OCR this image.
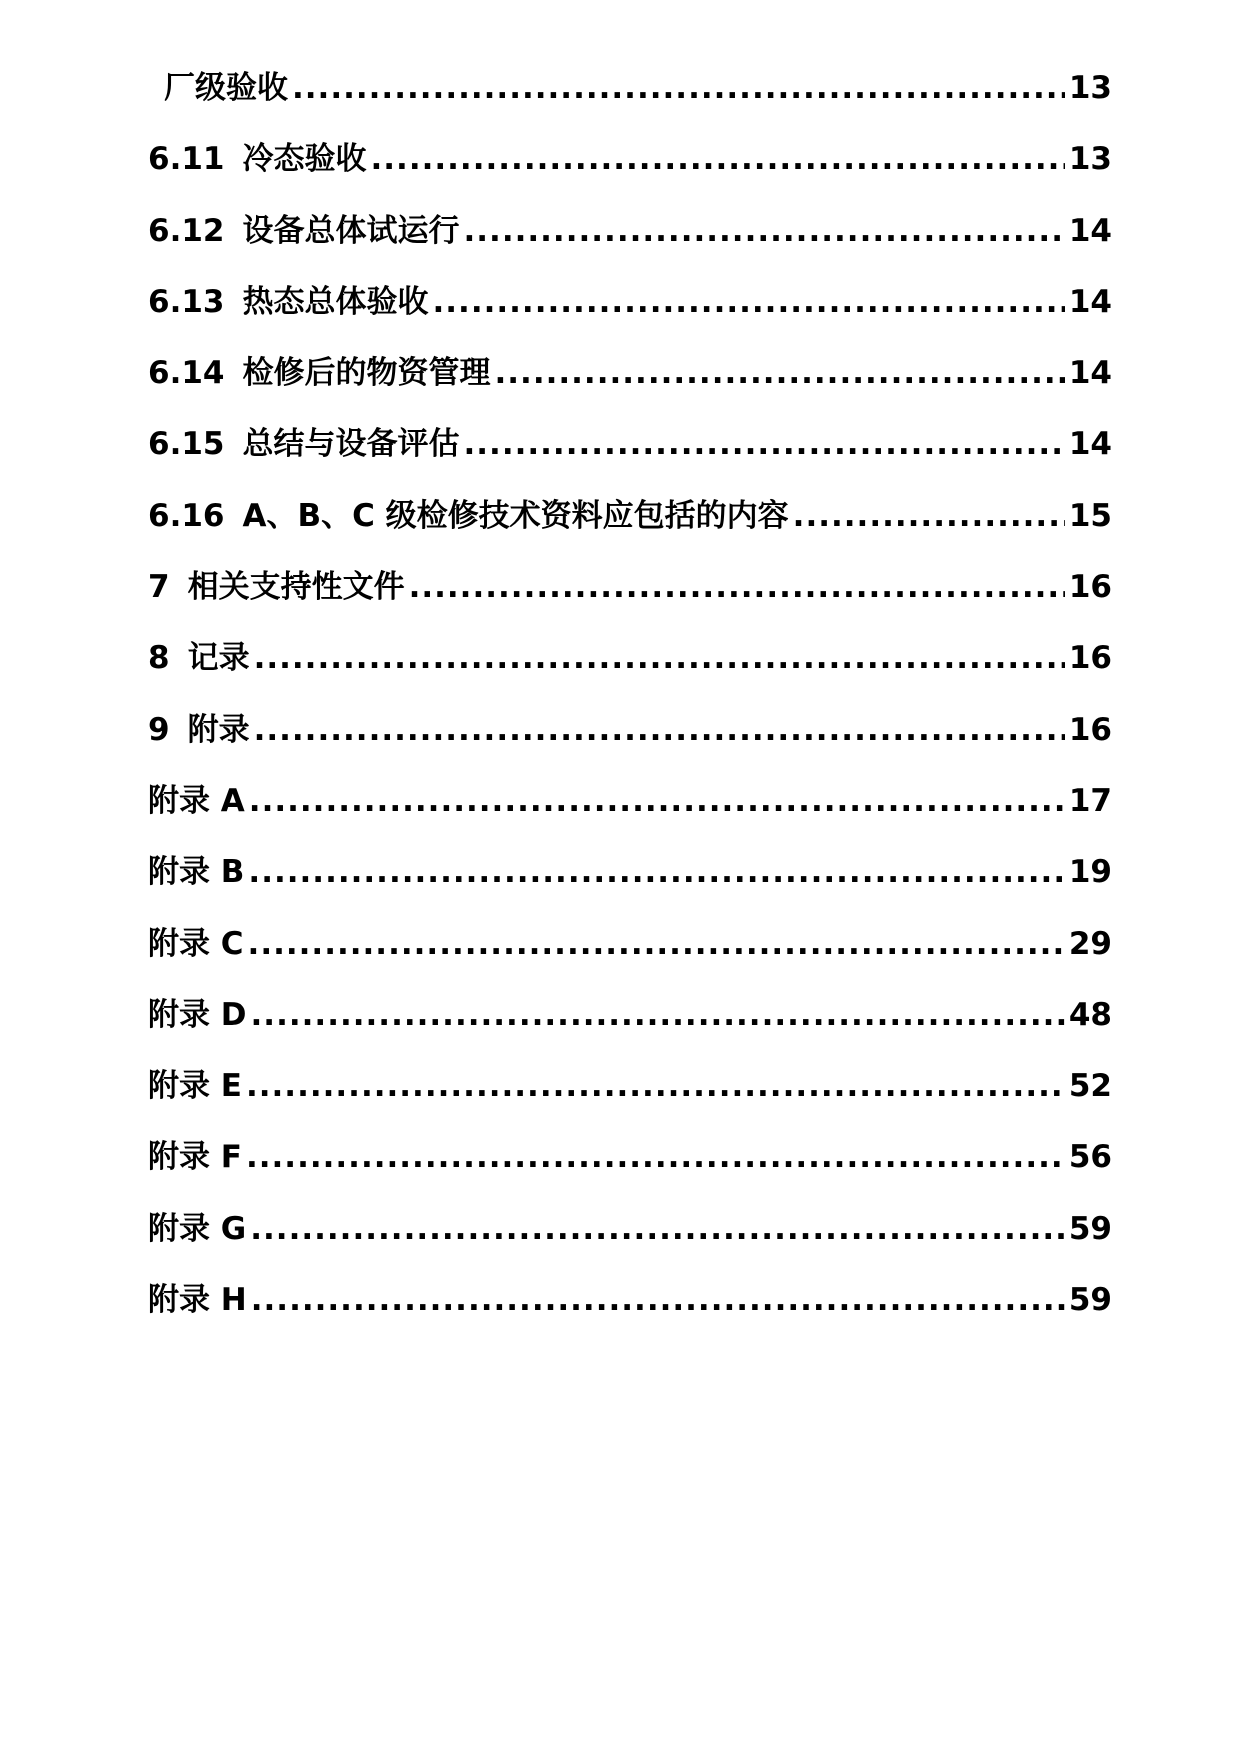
厂级验收 .....	13
6.11 冷态验收 .....	13
6.12 设备总体试运行 .....	14
6.13 热态总体验收 .....	14
6.14 检修后的物资管理 .....	14
6.15 总结与设备评估 .....	14
6.16 A、B、C 级检修技术资料应包括的内容 .....	15
7 相关支持性文件 .....	16
8 记录 .....	16
9 附录 .....	16
附录 A .....	17
附录 B .....	19
附录 C .....	29
附录 D .....	48
附录 E .....	52
附录 F .....	56
附录 G .....	59
附录 H .....	59
